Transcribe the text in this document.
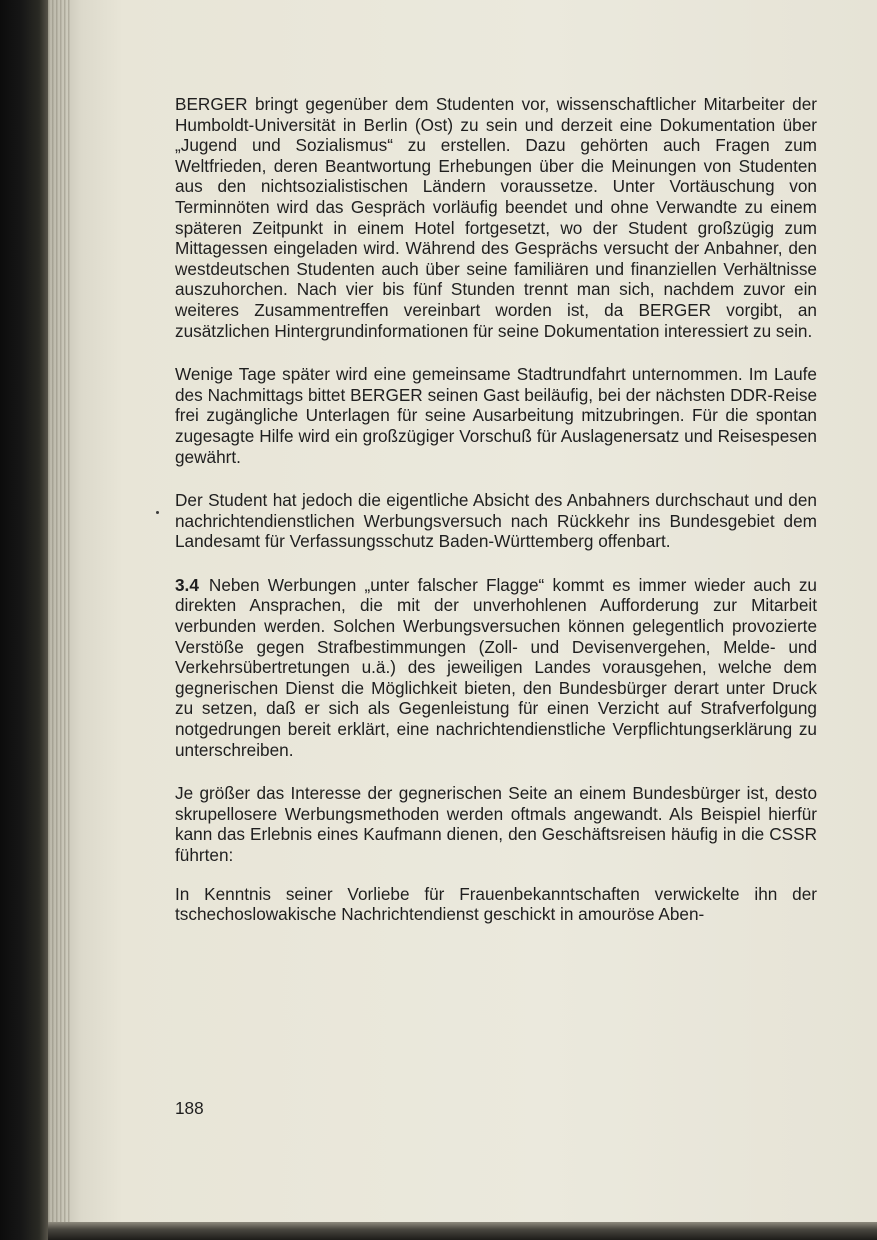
BERGER bringt gegenüber dem Studenten vor, wissenschaftlicher Mitarbeiter der Humboldt-Universität in Berlin (Ost) zu sein und derzeit eine Dokumentation über „Jugend und Sozialismus“ zu erstellen. Dazu gehörten auch Fragen zum Weltfrieden, deren Beantwortung Erhebungen über die Meinungen von Studenten aus den nichtsozialistischen Ländern voraussetze. Unter Vortäuschung von Terminnöten wird das Gespräch vorläufig beendet und ohne Verwandte zu einem späteren Zeitpunkt in einem Hotel fortgesetzt, wo der Student großzügig zum Mittagessen eingeladen wird. Während des Gesprächs versucht der Anbahner, den westdeutschen Studenten auch über seine familiären und finanziellen Verhältnisse auszuhorchen. Nach vier bis fünf Stunden trennt man sich, nachdem zuvor ein weiteres Zusammentreffen vereinbart worden ist, da BERGER vorgibt, an zusätzlichen Hintergrundinformationen für seine Dokumentation interessiert zu sein.

Wenige Tage später wird eine gemeinsame Stadtrundfahrt unternommen. Im Laufe des Nachmittags bittet BERGER seinen Gast beiläufig, bei der nächsten DDR-Reise frei zugängliche Unterlagen für seine Ausarbeitung mitzubringen. Für die spontan zugesagte Hilfe wird ein großzügiger Vorschuß für Auslagenersatz und Reisespesen gewährt.

Der Student hat jedoch die eigentliche Absicht des Anbahners durchschaut und den nachrichtendienstlichen Werbungsversuch nach Rückkehr ins Bundesgebiet dem Landesamt für Verfassungsschutz Baden-Württemberg offenbart.

3.4 Neben Werbungen „unter falscher Flagge“ kommt es immer wieder auch zu direkten Ansprachen, die mit der unverhohlenen Aufforderung zur Mitarbeit verbunden werden. Solchen Werbungsversuchen können gelegentlich provozierte Verstöße gegen Strafbestimmungen (Zoll- und Devisenvergehen, Melde- und Verkehrsübertretungen u.ä.) des jeweiligen Landes vorausgehen, welche dem gegnerischen Dienst die Möglichkeit bieten, den Bundesbürger derart unter Druck zu setzen, daß er sich als Gegenleistung für einen Verzicht auf Strafverfolgung notgedrungen bereit erklärt, eine nachrichtendienstliche Verpflichtungserklärung zu unterschreiben.

Je größer das Interesse der gegnerischen Seite an einem Bundesbürger ist, desto skrupellosere Werbungsmethoden werden oftmals angewandt. Als Beispiel hierfür kann das Erlebnis eines Kaufmann dienen, den Geschäftsreisen häufig in die CSSR führten:

In Kenntnis seiner Vorliebe für Frauenbekanntschaften verwickelte ihn der tschechoslowakische Nachrichtendienst geschickt in amouröse Aben-

188
